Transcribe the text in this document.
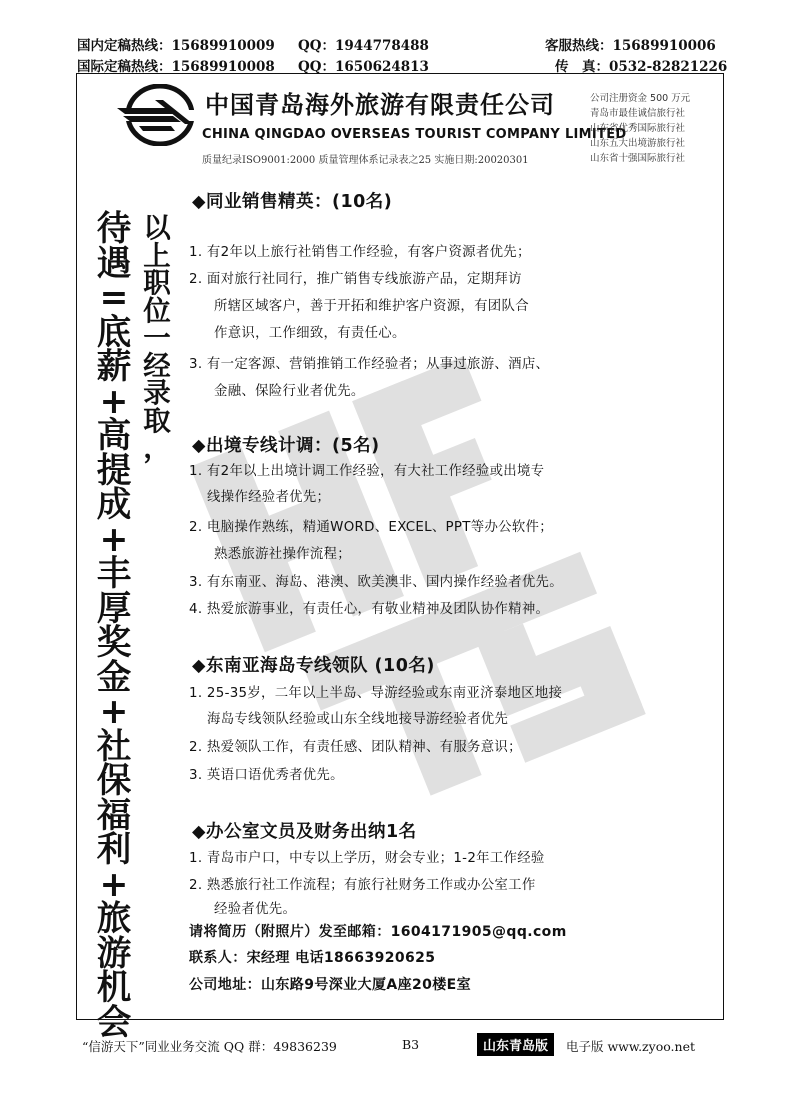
国内定稿热线：15689910009 QQ：1944778488	客服热线：15689910006
国际定稿热线：15689910008 QQ：1650624813	传　真：0532-82821226
中国青岛海外旅游有限责任公司
CHINA QINGDAO OVERSEAS TOURIST COMPANY LIMITED
质量纪录ISO9001:2000 质量管理体系记录表之25 实施日期:20020301
公司注册资金 500 万元
青岛市最佳诚信旅行社
山东省优秀国际旅行社
山东五大出境游旅行社
山东省十强国际旅行社
待
遇
=
底
薪
+
高
提
成
+
丰
厚
奖
金
+
社
保
福
利
+
旅
游
机
会
以
上
职
位
一
经
录
取
，
◆同业销售精英：(10名)
1. 有2年以上旅行社销售工作经验，有客户资源者优先；
2. 面对旅行社同行，推广销售专线旅游产品，定期拜访
所辖区域客户，善于开拓和维护客户资源，有团队合
作意识，工作细致，有责任心。
3. 有一定客源、营销推销工作经验者；从事过旅游、酒店、
金融、保险行业者优先。
◆出境专线计调：(5名)
1. 有2年以上出境计调工作经验，有大社工作经验或出境专
线操作经验者优先；
2. 电脑操作熟练，精通WORD、EXCEL、PPT等办公软件；
熟悉旅游社操作流程；
3. 有东南亚、海岛、港澳、欧美澳非、国内操作经验者优先。
4. 热爱旅游事业，有责任心，有敬业精神及团队协作精神。
◆东南亚海岛专线领队 (10名)
1. 25-35岁，二年以上半岛、导游经验或东南亚济泰地区地接
海岛专线领队经验或山东全线地接导游经验者优先
2. 热爱领队工作，有责任感、团队精神、有服务意识；
3. 英语口语优秀者优先。
◆办公室文员及财务出纳1名
1. 青岛市户口，中专以上学历，财会专业；1-2年工作经验
2. 熟悉旅行社工作流程；有旅行社财务工作或办公室工作
经验者优先。
请将简历（附照片）发至邮箱：1604171905@qq.com
联系人：宋经理 电话18663920625
公司地址：山东路9号深业大厦A座20楼E室
“信游天下”同业业务交流 QQ 群：49836239	B3	山东青岛版	电子版 www.zyoo.net
